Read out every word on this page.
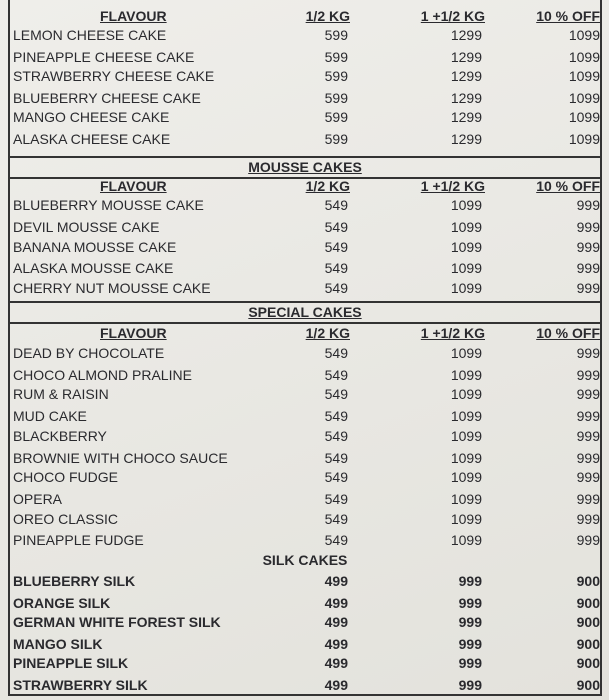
FLAVOUR	1/2 KG	1 +1/2 KG	10 % OFF
LEMON CHEESE CAKE	599	1299	1099
PINEAPPLE CHEESE CAKE	599	1299	1099
STRAWBERRY CHEESE CAKE	599	1299	1099
BLUEBERRY CHEESE CAKE	599	1299	1099
MANGO CHEESE CAKE	599	1299	1099
ALASKA CHEESE CAKE	599	1299	1099
MOUSSE CAKES
FLAVOUR	1/2 KG	1 +1/2 KG	10 % OFF
BLUEBERRY MOUSSE CAKE	549	1099	999
DEVIL MOUSSE CAKE	549	1099	999
BANANA MOUSSE CAKE	549	1099	999
ALASKA MOUSSE CAKE	549	1099	999
CHERRY NUT MOUSSE CAKE	549	1099	999
SPECIAL CAKES
FLAVOUR	1/2 KG	1 +1/2 KG	10 % OFF
DEAD BY CHOCOLATE	549	1099	999
CHOCO ALMOND PRALINE	549	1099	999
RUM & RAISIN	549	1099	999
MUD CAKE	549	1099	999
BLACKBERRY	549	1099	999
BROWNIE WITH CHOCO SAUCE	549	1099	999
CHOCO FUDGE	549	1099	999
OPERA	549	1099	999
OREO CLASSIC	549	1099	999
PINEAPPLE FUDGE	549	1099	999
SILK CAKES
BLUEBERRY SILK	499	999	900
ORANGE SILK	499	999	900
GERMAN WHITE FOREST SILK	499	999	900
MANGO SILK	499	999	900
PINEAPPLE SILK	499	999	900
STRAWBERRY SILK	499	999	900
